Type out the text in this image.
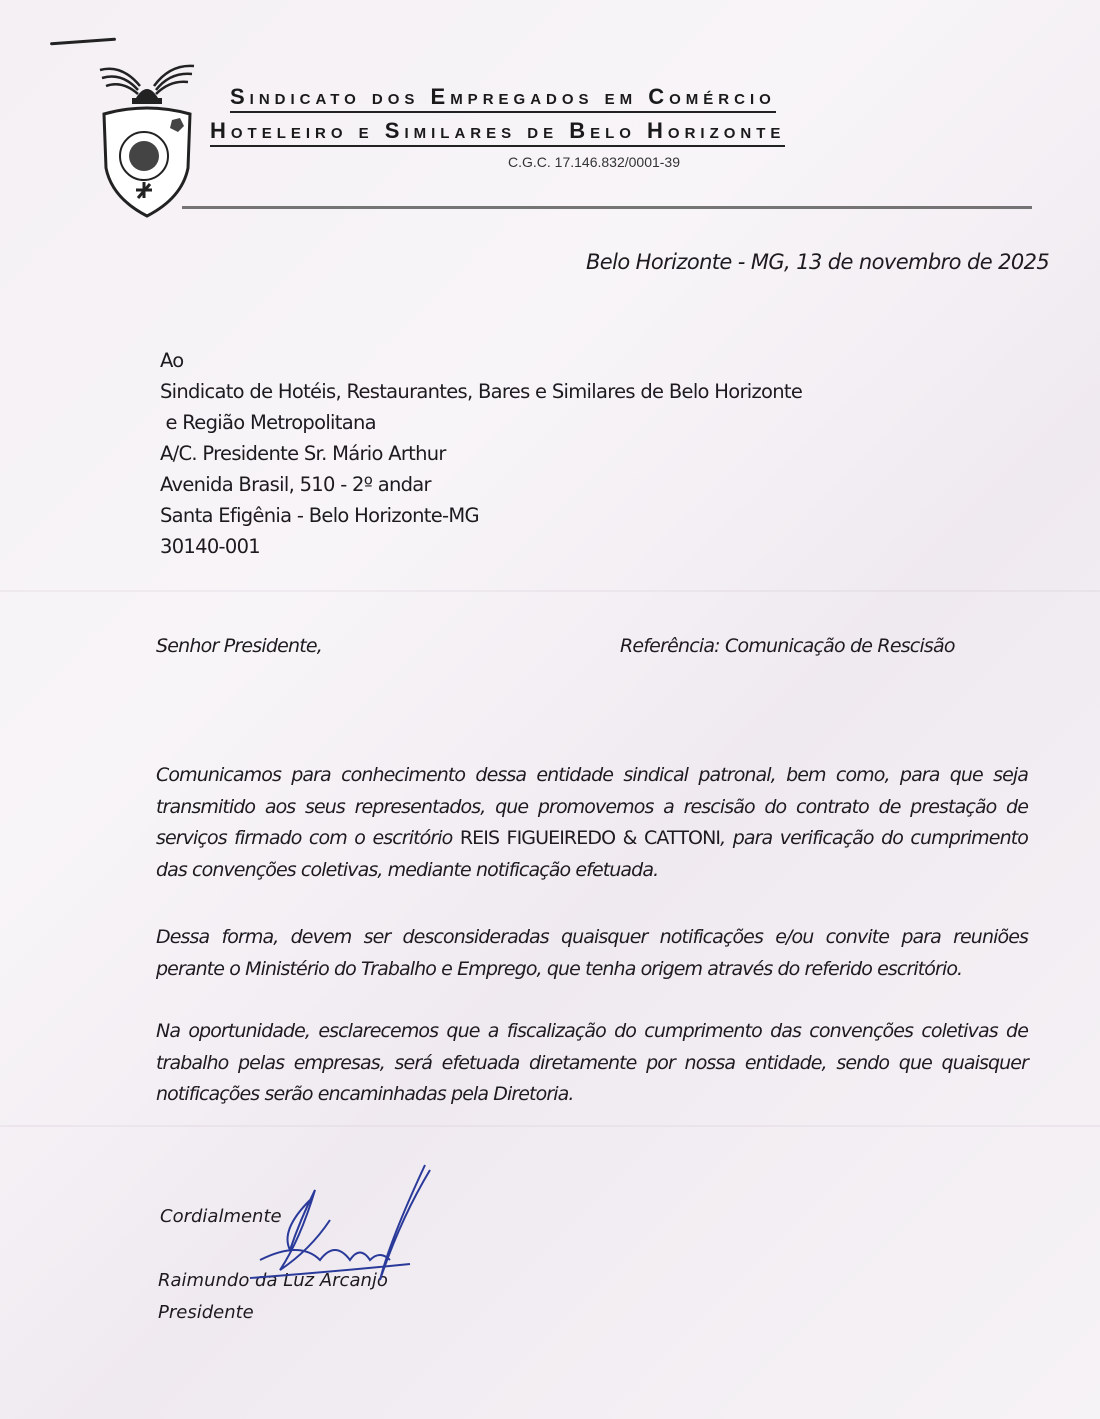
Sindicato dos Empregados em Comércio
Hoteleiro e Similares de Belo Horizonte
C.G.C. 17.146.832/0001-39
Belo Horizonte - MG, 13 de novembro de 2025
Ao
Sindicato de Hotéis, Restaurantes, Bares e Similares de Belo Horizonte
e Região Metropolitana
A/C. Presidente Sr. Mário Arthur
Avenida Brasil, 510 - 2º andar
Santa Efigênia - Belo Horizonte-MG
30140-001
Senhor Presidente,	Referência: Comunicação de Rescisão
Comunicamos para conhecimento dessa entidade sindical patronal, bem como, para que seja transmitido aos seus representados, que promovemos a rescisão do contrato de prestação de serviços firmado com o escritório REIS FIGUEIREDO & CATTONI, para verificação do cumprimento das convenções coletivas, mediante notificação efetuada.
Dessa forma, devem ser desconsideradas quaisquer notificações e/ou convite para reuniões perante o Ministério do Trabalho e Emprego, que tenha origem através do referido escritório.
Na oportunidade, esclarecemos que a fiscalização do cumprimento das convenções coletivas de trabalho pelas empresas, será efetuada diretamente por nossa entidade, sendo que quaisquer notificações serão encaminhadas pela Diretoria.
Cordialmente
Raimundo da Luz Arcanjo
Presidente
